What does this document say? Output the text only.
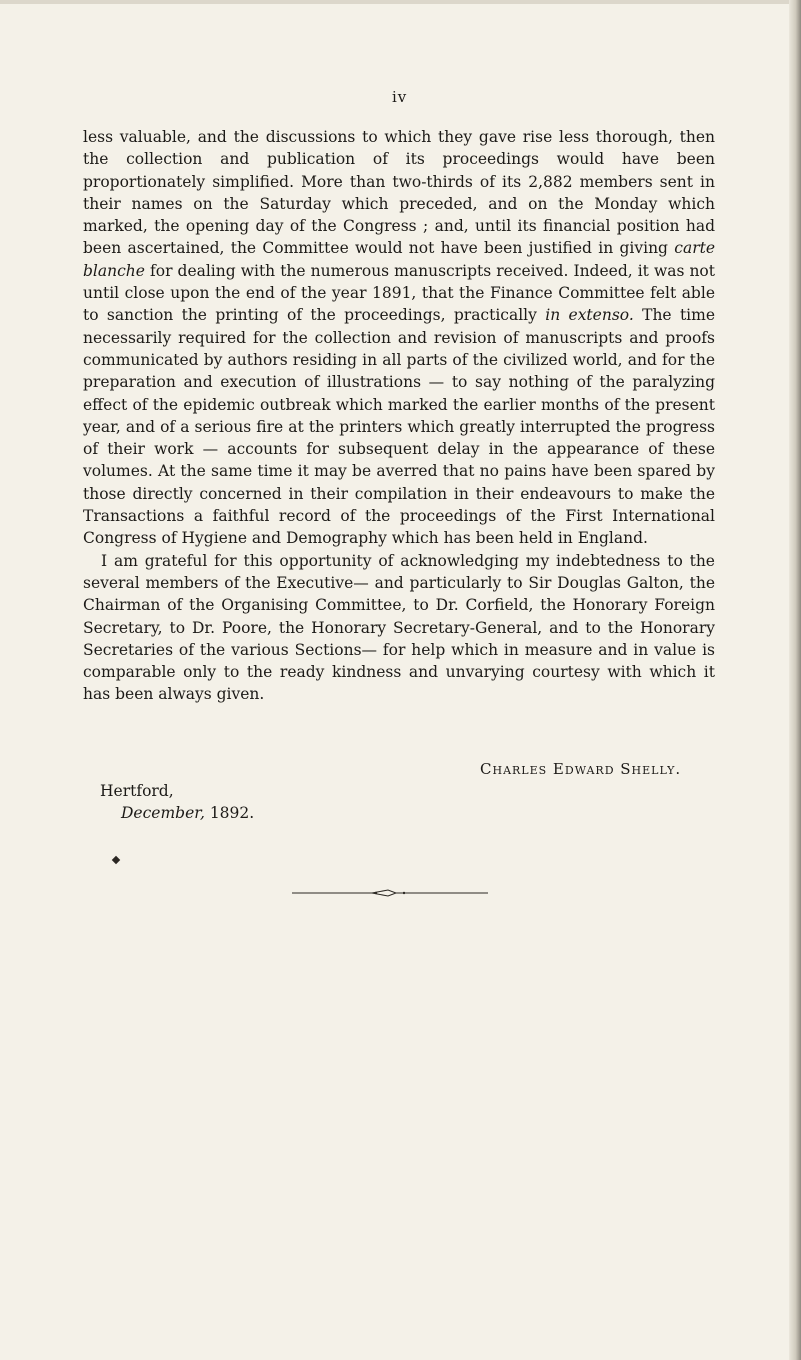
iv

less valuable, and the discussions to which they gave rise less thorough, then the collection and publication of its proceedings would have been proportionately simplified. More than two-thirds of its 2,882 members sent in their names on the Saturday which preceded, and on the Monday which marked, the opening day of the Congress ; and, until its financial position had been ascertained, the Committee would not have been justified in giving carte blanche for dealing with the numerous manuscripts received. Indeed, it was not until close upon the end of the year 1891, that the Finance Committee felt able to sanction the printing of the proceedings, practically in extenso. The time necessarily required for the collection and revision of manuscripts and proofs communicated by authors residing in all parts of the civilized world, and for the preparation and execution of illustrations — to say nothing of the paralyzing effect of the epidemic outbreak which marked the earlier months of the present year, and of a serious fire at the printers which greatly interrupted the progress of their work — accounts for subsequent delay in the appearance of these volumes. At the same time it may be averred that no pains have been spared by those directly concerned in their compilation in their endeavours to make the Transactions a faithful record of the proceedings of the First International Congress of Hygiene and Demography which has been held in England.

I am grateful for this opportunity of acknowledging my indebtedness to the several members of the Executive— and particularly to Sir Douglas Galton, the Chairman of the Organising Committee, to Dr. Corfield, the Honorary Foreign Secretary, to Dr. Poore, the Honorary Secretary-General, and to the Honorary Secretaries of the various Sections— for help which in measure and in value is comparable only to the ready kindness and unvarying courtesy with which it has been always given.

Charles Edward Shelly.
Hertford,
December, 1892.
